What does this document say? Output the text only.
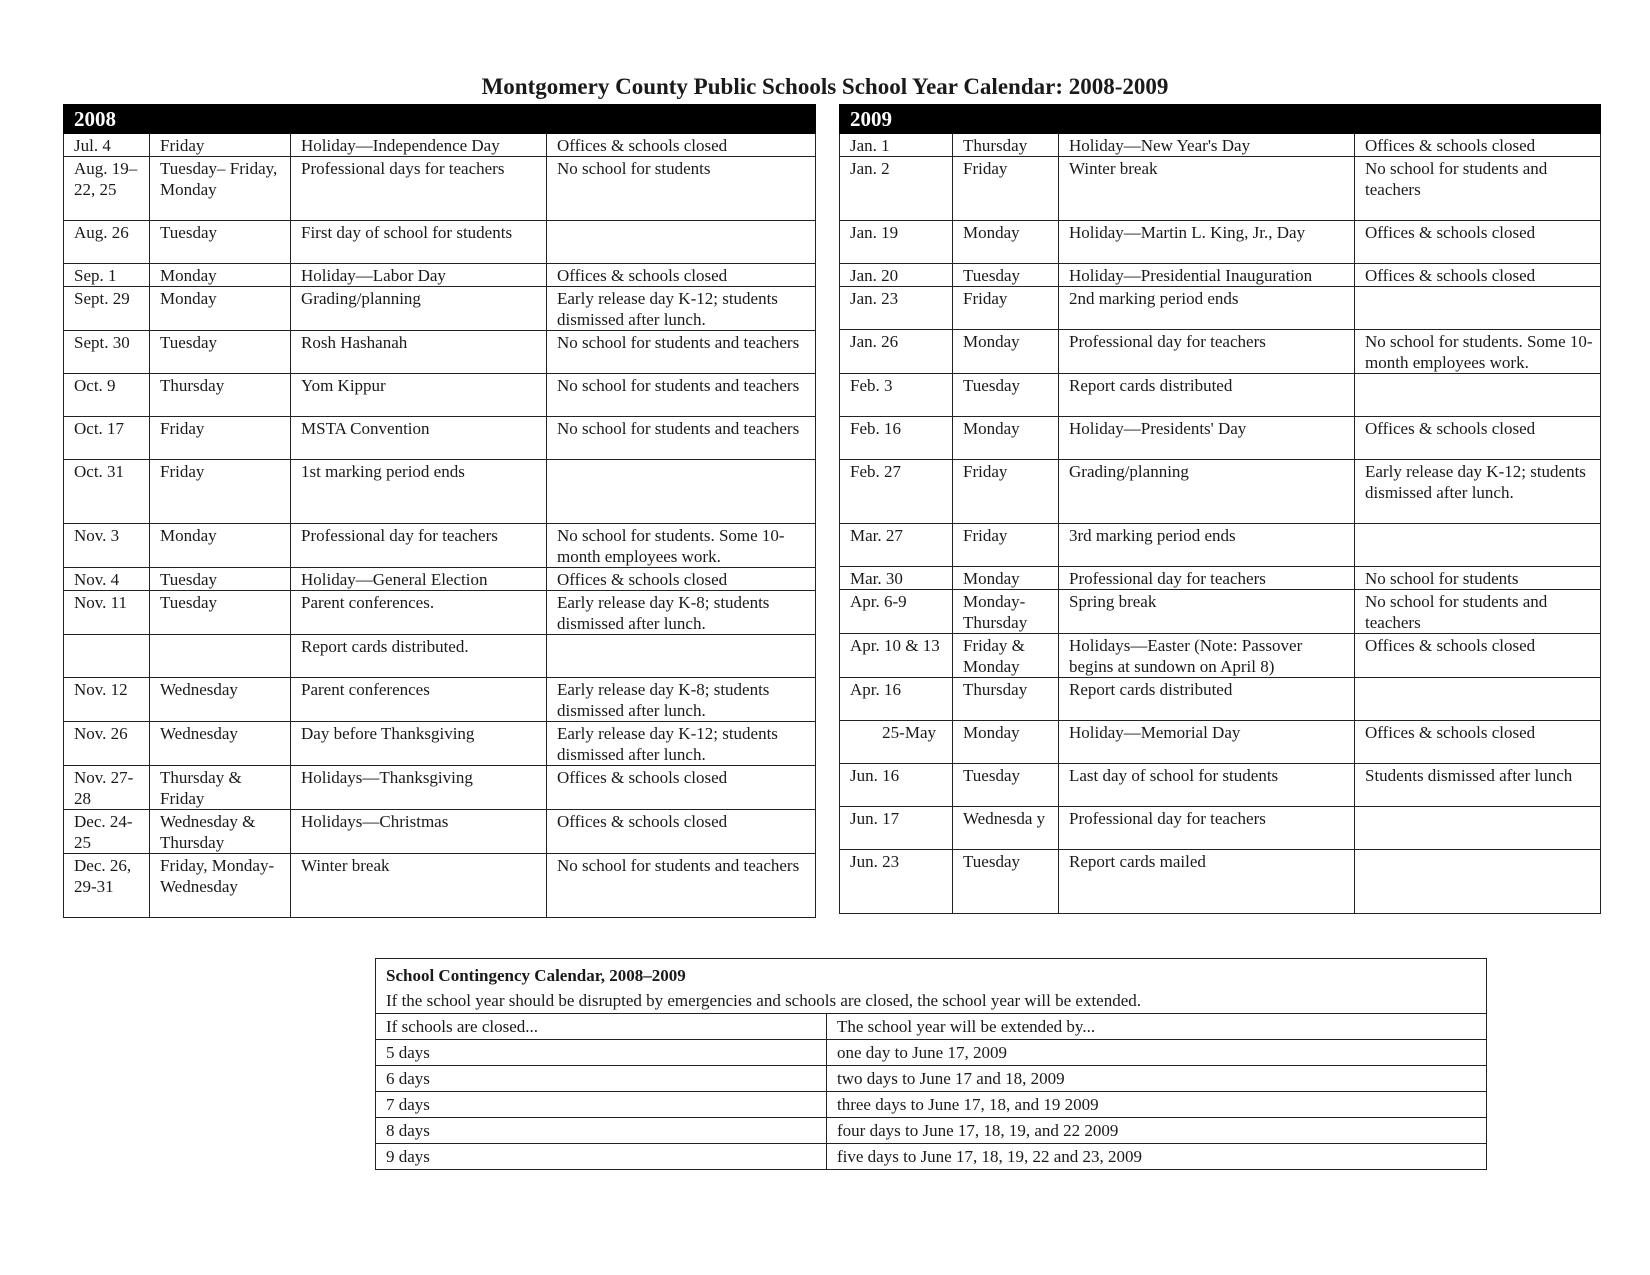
Montgomery County Public Schools School Year Calendar: 2008-2009
2008			
Jul. 4	Friday	Holiday—Independence Day	Offices & schools closed
Aug. 19–22, 25	Tuesday– Friday, Monday	Professional days for teachers	No school for students
Aug. 26	Tuesday	First day of school for students	
Sep. 1	Monday	Holiday—Labor Day	Offices & schools closed
Sept. 29	Monday	Grading/planning	Early release day K-12; students dismissed after lunch.
Sept. 30	Tuesday	Rosh Hashanah	No school for students and teachers
Oct. 9	Thursday	Yom Kippur	No school for students and teachers
Oct. 17	Friday	MSTA Convention	No school for students and teachers
Oct. 31	Friday	1st marking period ends	
Nov. 3	Monday	Professional day for teachers	No school for students. Some 10-month employees work.
Nov. 4	Tuesday	Holiday—General Election	Offices & schools closed
Nov. 11	Tuesday	Parent conferences.	Early release day K-8; students dismissed after lunch.
		Report cards distributed.	
Nov. 12	Wednesday	Parent conferences	Early release day K-8; students dismissed after lunch.
Nov. 26	Wednesday	Day before Thanksgiving	Early release day K-12; students dismissed after lunch.
Nov. 27-28	Thursday & Friday	Holidays—Thanksgiving	Offices & schools closed
Dec. 24-25	Wednesday & Thursday	Holidays—Christmas	Offices & schools closed
Dec. 26, 29-31	Friday, Monday- Wednesday	Winter break	No school for students and teachers
2009			
Jan. 1	Thursday	Holiday—New Year's Day	Offices & schools closed
Jan. 2	Friday	Winter break	No school for students and teachers
Jan. 19	Monday	Holiday—Martin L. King, Jr., Day	Offices & schools closed
Jan. 20	Tuesday	Holiday—Presidential Inauguration	Offices & schools closed
Jan. 23	Friday	2nd marking period ends	
Jan. 26	Monday	Professional day for teachers	No school for students. Some 10-month employees work.
Feb. 3	Tuesday	Report cards distributed	
Feb. 16	Monday	Holiday—Presidents' Day	Offices & schools closed
Feb. 27	Friday	Grading/planning	Early release day K-12; students dismissed after lunch.
Mar. 27	Friday	3rd marking period ends	
Mar. 30	Monday	Professional day for teachers	No school for students
Apr. 6-9	Monday- Thursday	Spring break	No school for students and teachers
Apr. 10 & 13	Friday & Monday	Holidays—Easter (Note: Passover begins at sundown on April 8)	Offices & schools closed
Apr. 16	Thursday	Report cards distributed	
25-May	Monday	Holiday—Memorial Day	Offices & schools closed
Jun. 16	Tuesday	Last day of school for students	Students dismissed after lunch
Jun. 17	Wednesda y	Professional day for teachers	
Jun. 23	Tuesday	Report cards mailed	
School Contingency Calendar, 2008–2009	
If the school year should be disrupted by emergencies and schools are closed, the school year will be extended.	
If schools are closed...	The school year will be extended by...
5 days	one day to June 17, 2009
6 days	two days to June 17 and 18, 2009
7 days	three days to June 17, 18, and 19 2009
8 days	four days to June 17, 18, 19, and 22 2009
9 days	five days to June 17, 18, 19, 22 and 23, 2009
